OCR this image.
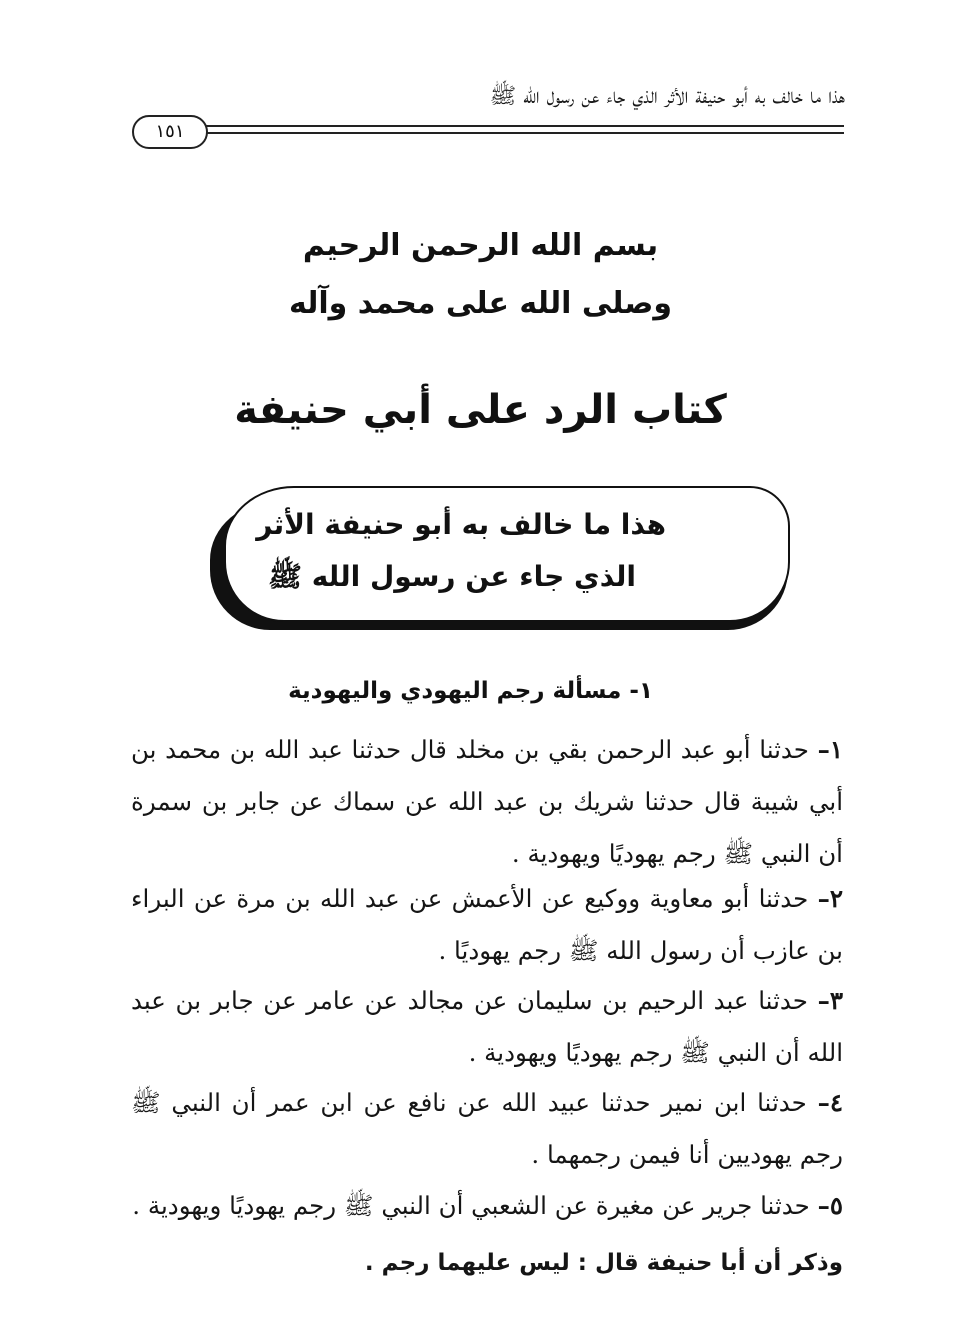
هذا ما خالف به أبو حنيفة الأثر الذي جاء عن رسول الله ﷺ
١٥١
بسم الله الرحمن الرحيم
وصلى الله على محمد وآله
كتاب الرد على أبي حنيفة
هذا ما خالف به أبو حنيفة الأثر
الذي جاء عن رسول الله ﷺ
١- مسألة رجم اليهودي واليهودية
١– حدثنا أبو عبد الرحمن بقي بن مخلد قال حدثنا عبد الله بن محمد بن أبي شيبة قال حدثنا شريك بن عبد الله عن سماك عن جابر بن سمرة أن النبي ﷺ رجم يهوديًا ويهودية .
٢– حدثنا أبو معاوية ووكيع عن الأعمش عن عبد الله بن مرة عن البراء بن عازب أن رسول الله ﷺ رجم يهوديًا .
٣– حدثنا عبد الرحيم بن سليمان عن مجالد عن عامر عن جابر بن عبد الله أن النبي ﷺ رجم يهوديًا ويهودية .
٤– حدثنا ابن نمير حدثنا عبيد الله عن نافع عن ابن عمر أن النبي ﷺ رجم يهوديين أنا فيمن رجمهما .
٥– حدثنا جرير عن مغيرة عن الشعبي أن النبي ﷺ رجم يهوديًا ويهودية .
وذكر أن أبا حنيفة قال : ليس عليهما رجم .
